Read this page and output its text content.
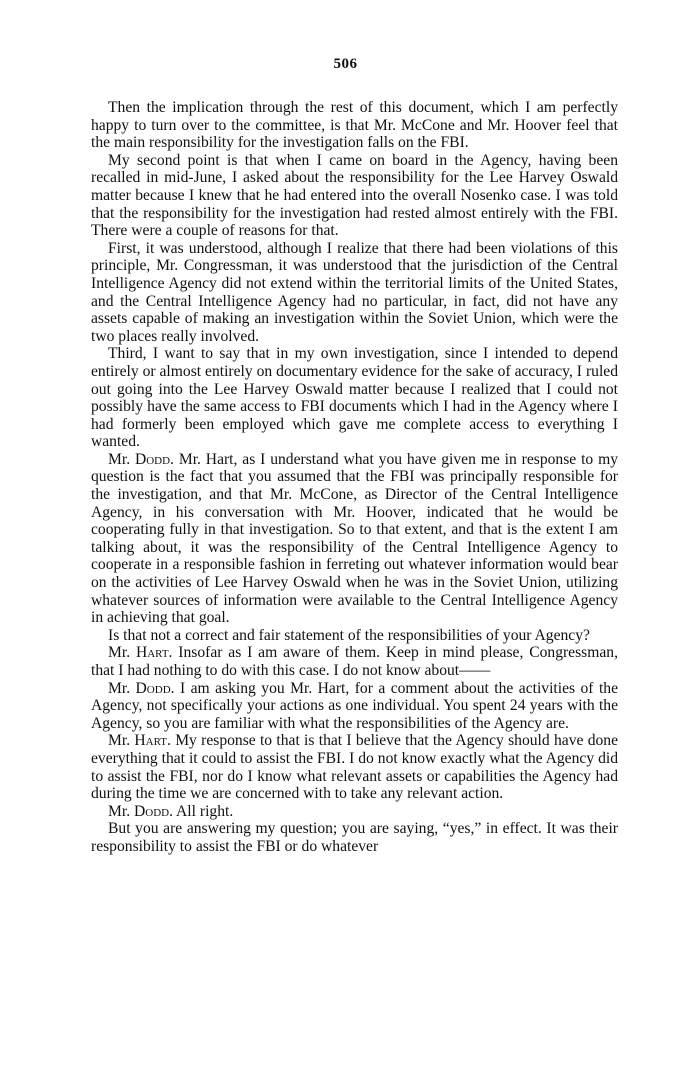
506

Then the implication through the rest of this document, which I am perfectly happy to turn over to the committee, is that Mr. McCone and Mr. Hoover feel that the main responsibility for the investigation falls on the FBI.

My second point is that when I came on board in the Agency, having been recalled in mid-June, I asked about the responsibility for the Lee Harvey Oswald matter because I knew that he had entered into the overall Nosenko case. I was told that the responsibility for the investigation had rested almost entirely with the FBI. There were a couple of reasons for that.

First, it was understood, although I realize that there had been violations of this principle, Mr. Congressman, it was understood that the jurisdiction of the Central Intelligence Agency did not extend within the territorial limits of the United States, and the Central Intelligence Agency had no particular, in fact, did not have any assets capable of making an investigation within the Soviet Union, which were the two places really involved.

Third, I want to say that in my own investigation, since I intended to depend entirely or almost entirely on documentary evidence for the sake of accuracy, I ruled out going into the Lee Harvey Oswald matter because I realized that I could not possibly have the same access to FBI documents which I had in the Agency where I had formerly been employed which gave me complete access to everything I wanted.

Mr. Dodd. Mr. Hart, as I understand what you have given me in response to my question is the fact that you assumed that the FBI was principally responsible for the investigation, and that Mr. McCone, as Director of the Central Intelligence Agency, in his conversation with Mr. Hoover, indicated that he would be cooperating fully in that investigation. So to that extent, and that is the extent I am talking about, it was the responsibility of the Central Intelligence Agency to cooperate in a responsible fashion in ferreting out whatever information would bear on the activities of Lee Harvey Oswald when he was in the Soviet Union, utilizing whatever sources of information were available to the Central Intelligence Agency in achieving that goal.

Is that not a correct and fair statement of the responsibilities of your Agency?

Mr. Hart. Insofar as I am aware of them. Keep in mind please, Congressman, that I had nothing to do with this case. I do not know about——

Mr. Dodd. I am asking you Mr. Hart, for a comment about the activities of the Agency, not specifically your actions as one individual. You spent 24 years with the Agency, so you are familiar with what the responsibilities of the Agency are.

Mr. Hart. My response to that is that I believe that the Agency should have done everything that it could to assist the FBI. I do not know exactly what the Agency did to assist the FBI, nor do I know what relevant assets or capabilities the Agency had during the time we are concerned with to take any relevant action.

Mr. Dodd. All right.

But you are answering my question; you are saying, “yes,” in effect. It was their responsibility to assist the FBI or do whatever
